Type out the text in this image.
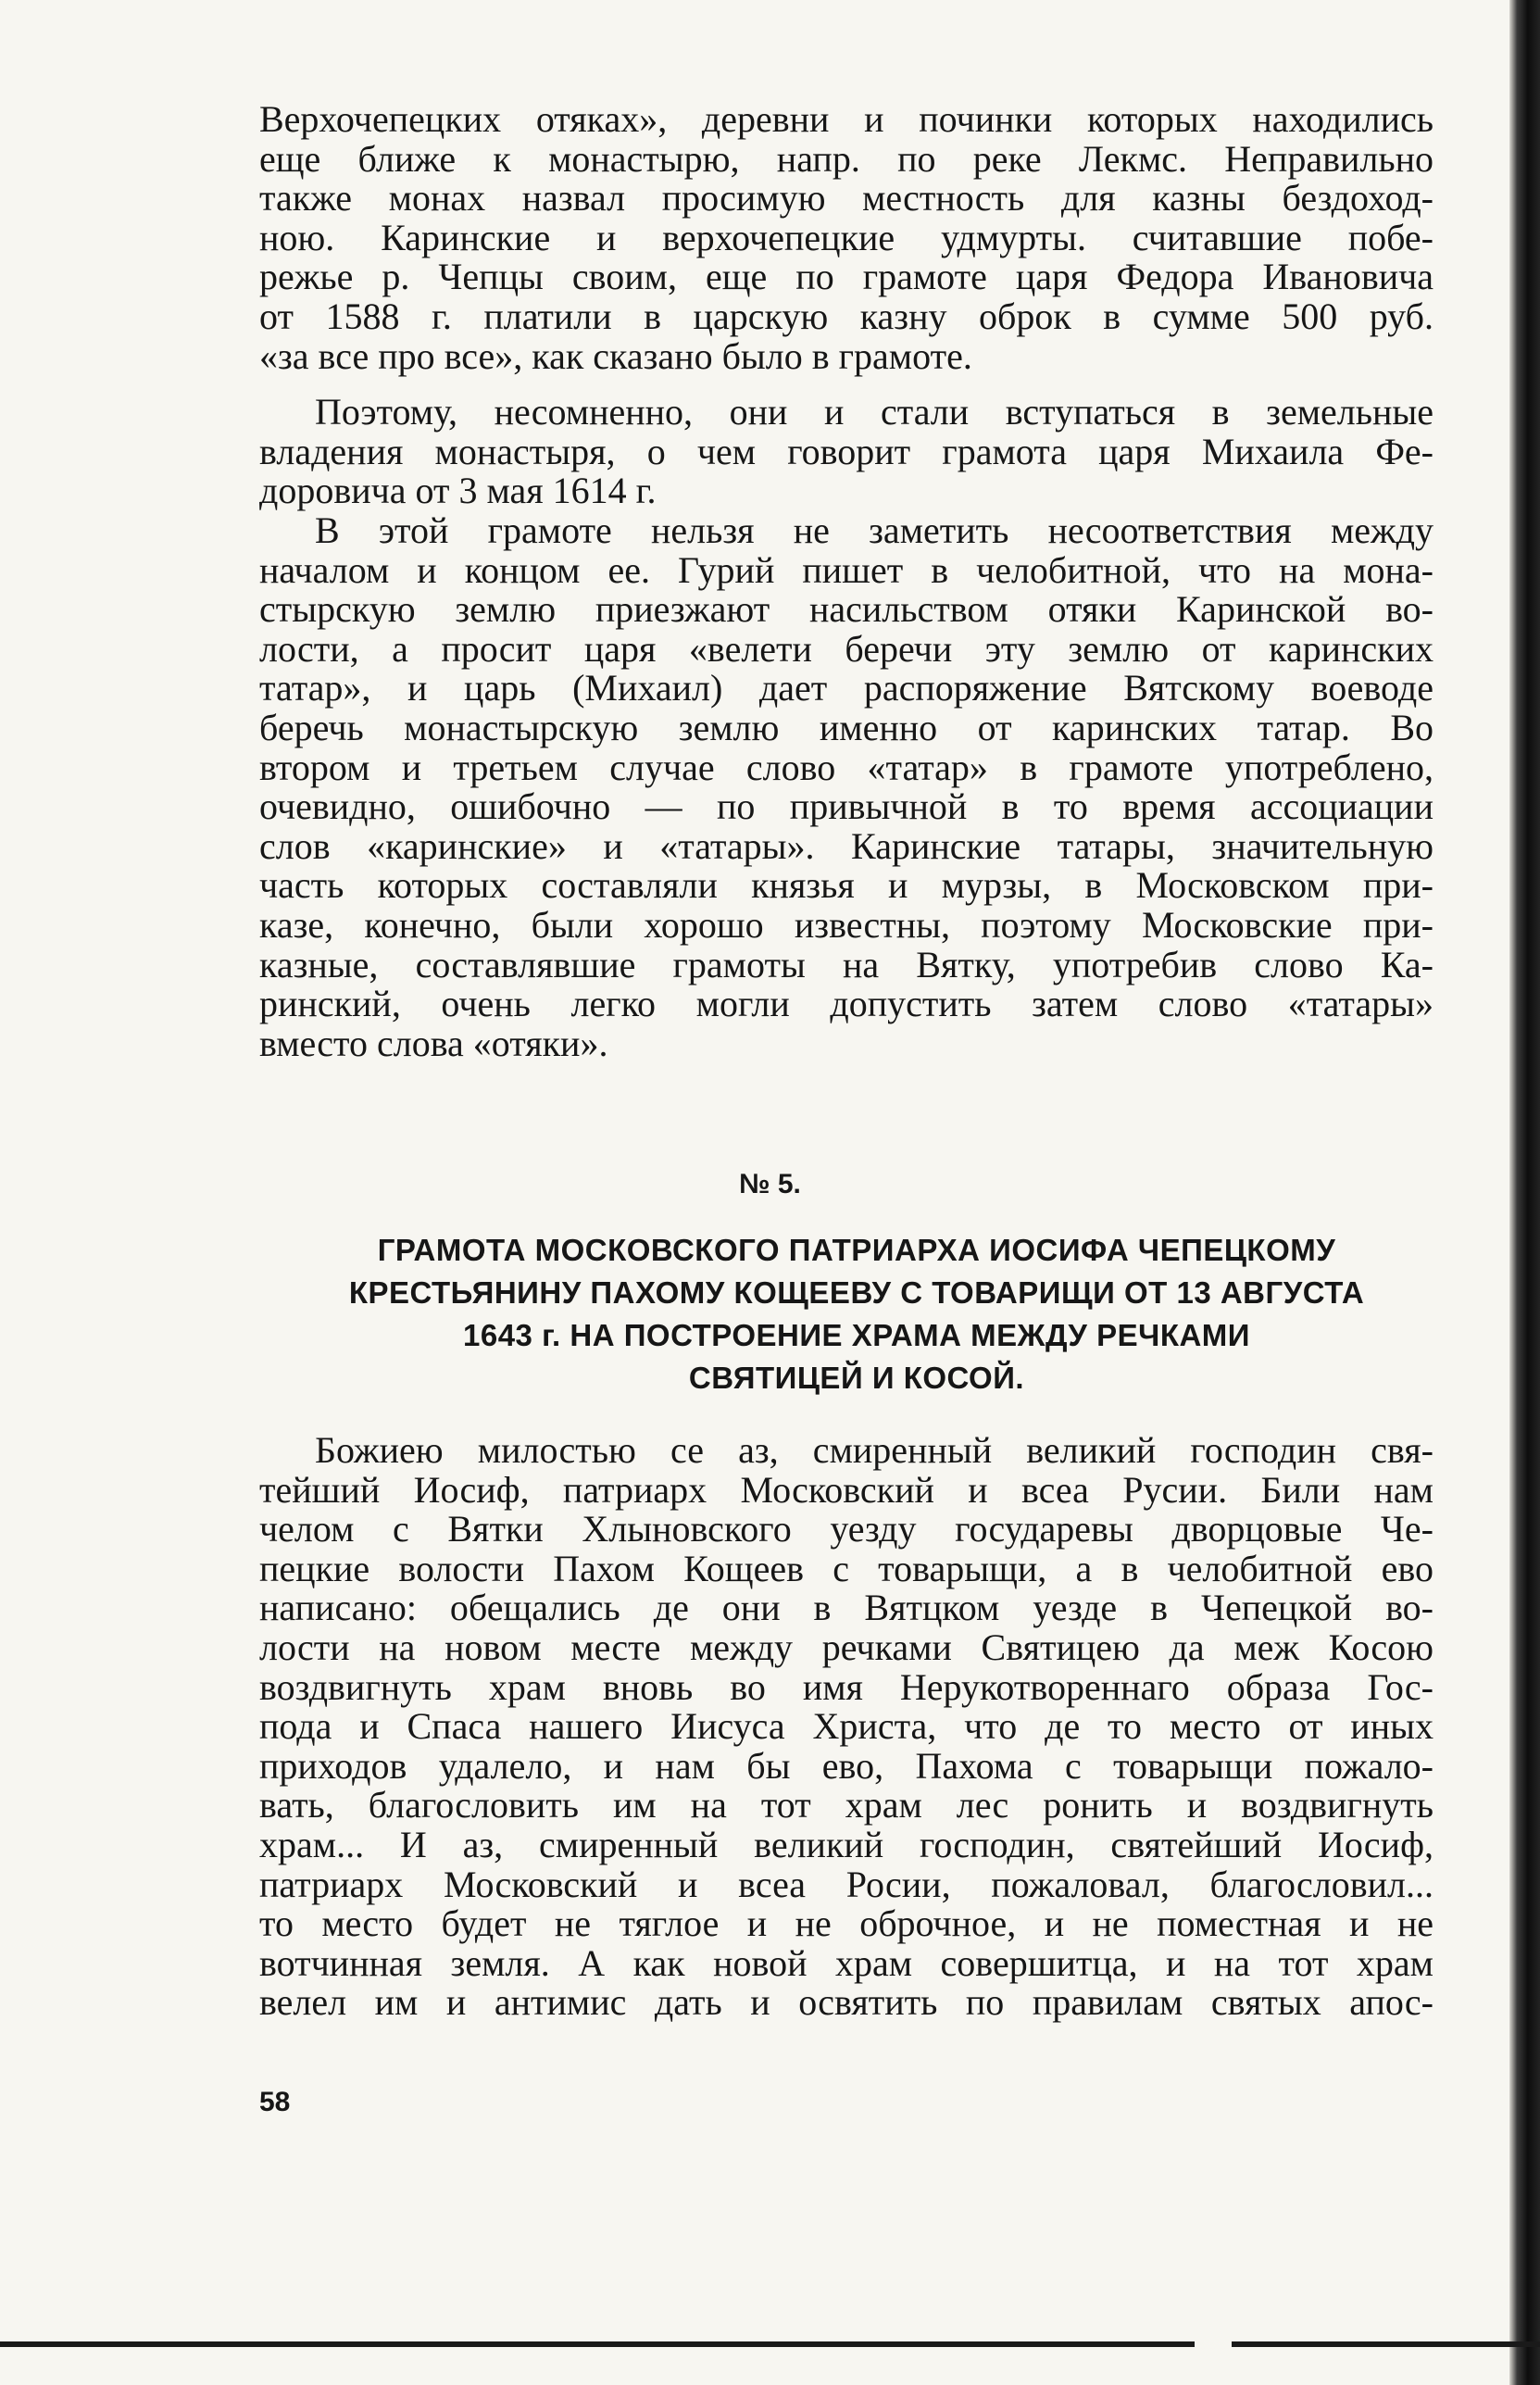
Верхочепецких отяках», деревни и починки которых находились

еще ближе к монастырю, напр. по реке Лекмс. Неправильно

также монах назвал просимую местность для казны бездоход-

ною. Каринские и верхочепецкие удмурты. считавшие побе-

режье р. Чепцы своим, еще по грамоте царя Федора Ивановича

от 1588 г. платили в царскую казну оброк в сумме 500 руб.

«за все про все», как сказано было в грамоте.

Поэтому, несомненно, они и стали вступаться в земельные

владения монастыря, о чем говорит грамота царя Михаила Фе-

доровича от 3 мая 1614 г.

В этой грамоте нельзя не заметить несоответствия между

началом и концом ее. Гурий пишет в челобитной, что на мона-

стырскую землю приезжают насильством отяки Каринской во-

лости, а просит царя «велети беречи эту землю от каринских

татар», и царь (Михаил) дает распоряжение Вятскому воеводе

беречь монастырскую землю именно от каринских татар. Во

втором и третьем случае слово «татар» в грамоте употреблено,

очевидно, ошибочно — по привычной в то время ассоциации

слов «каринские» и «татары». Каринские татары, значительную

часть которых составляли князья и мурзы, в Московском при-

казе, конечно, были хорошо известны, поэтому Московские при-

казные, составлявшие грамоты на Вятку, употребив слово Ка-

ринский, очень легко могли допустить затем слово «татары»

вместо слова «отяки».

№ 5.
ГРАМОТА МОСКОВСКОГО ПАТРИАРХА ИОСИФА ЧЕПЕЦКОМУ
КРЕСТЬЯНИНУ ПАХОМУ КОЩЕЕВУ С ТОВАРИЩИ ОТ 13 АВГУСТА
1643 г. НА ПОСТРОЕНИЕ ХРАМА МЕЖДУ РЕЧКАМИ
СВЯТИЦЕЙ И КОСОЙ.

Божиею милостью се аз, смиренный великий господин свя-

тейший Иосиф, патриарх Московский и всеа Русии. Били нам

челом с Вятки Хлыновского уезду государевы дворцовые Че-

пецкие волости Пахом Кощеев с товарыщи, а в челобитной ево

написано: обещались де они в Вятцком уезде в Чепецкой во-

лости на новом месте между речками Святицею да меж Косою

воздвигнуть храм вновь во имя Нерукотвореннаго образа Гос-

пода и Спаса нашего Иисуса Христа, что де то место от иных

приходов удалело, и нам бы ево, Пахома с товарыщи пожало-

вать, благословить им на тот храм лес ронить и воздвигнуть

храм... И аз, смиренный великий господин, святейший Иосиф,

патриарх Московский и всеа Росии, пожаловал, благословил...

то место будет не тяглое и не оброчное, и не поместная и не

вотчинная земля. А как новой храм совершитца, и на тот храм

велел им и антимис дать и освятить по правилам святых апос-

58
